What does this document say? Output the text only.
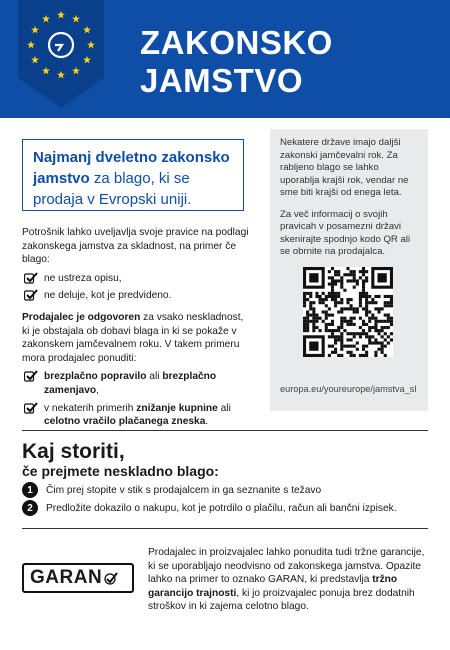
ZAKONSKO
JAMSTVO
Najmanj dveletno zakonsko jamstvo za blago, ki se prodaja v Evropski uniji.

Potrošnik lahko uveljavlja svoje pravice na podlagi zakonskega jamstva za skladnost, na primer če blago:

ne ustreza opisu,
ne deluje, kot je predvideno.

Prodajalec je odgovoren za vsako neskladnost, ki je obstajala ob dobavi blaga in ki se pokaže v zakonskem jamčevalnem roku. V takem primeru mora prodajalec ponuditi:

brezplačno popravilo ali brezplačno zamenjavo,
v nekaterih primerih znižanje kupnine ali celotno vračilo plačanega zneska.

Nekatere države imajo daljši zakonski jamčevalni rok. Za rabljeno blago se lahko uporablja krajši rok, vendar ne sme biti krajši od enega leta.

Za več informacij o svojih pravicah v posamezni državi skenirajte spodnjo kodo QR ali se obrnite na prodajalca.

europa.eu/youreurope/jamstva_sl
Kaj storiti,
če prejmete neskladno blago:
1	Čim prej stopite v stik s prodajalcem in ga seznanite s težavo
2	Predložite dokazilo o nakupu, kot je potrdilo o plačilu, račun ali bančni izpisek.
GARAN
Prodajalec in proizvajalec lahko ponudita tudi tržne garancije, ki se uporabljajo neodvisno od zakonskega jamstva. Opazite lahko na primer to oznako GARAN, ki predstavlja tržno garancijo trajnosti, ki jo proizvajalec ponuja brez dodatnih stroškov in ki zajema celotno blago.
